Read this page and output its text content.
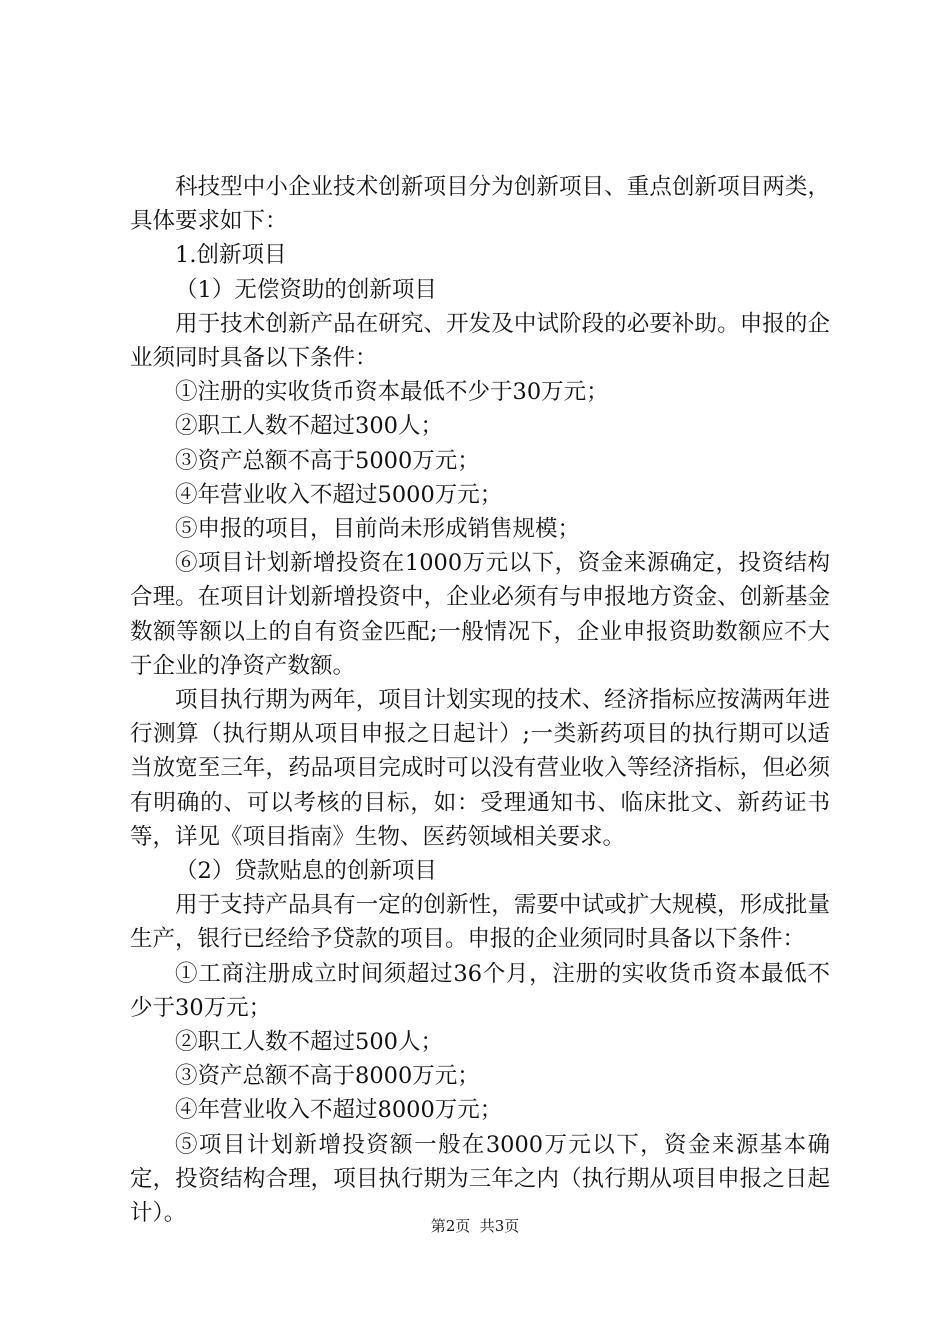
科技型中小企业技术创新项目分为创新项目、重点创新项目两类，具体要求如下：

1.创新项目

（1）无偿资助的创新项目

用于技术创新产品在研究、开发及中试阶段的必要补助。申报的企业须同时具备以下条件：

①注册的实收货币资本最低不少于30万元；

②职工人数不超过300人；

③资产总额不高于5000万元；

④年营业收入不超过5000万元；

⑤申报的项目，目前尚未形成销售规模；

⑥项目计划新增投资在1000万元以下，资金来源确定，投资结构合理。在项目计划新增投资中，企业必须有与申报地方资金、创新基金数额等额以上的自有资金匹配;一般情况下，企业申报资助数额应不大于企业的净资产数额。

项目执行期为两年，项目计划实现的技术、经济指标应按满两年进行测算（执行期从项目申报之日起计）;一类新药项目的执行期可以适当放宽至三年，药品项目完成时可以没有营业收入等经济指标，但必须有明确的、可以考核的目标，如：受理通知书、临床批文、新药证书等，详见《项目指南》生物、医药领域相关要求。

（2）贷款贴息的创新项目

用于支持产品具有一定的创新性，需要中试或扩大规模，形成批量生产，银行已经给予贷款的项目。申报的企业须同时具备以下条件：

①工商注册成立时间须超过36个月，注册的实收货币资本最低不少于30万元；

②职工人数不超过500人；

③资产总额不高于8000万元；

④年营业收入不超过8000万元；

⑤项目计划新增投资额一般在3000万元以下，资金来源基本确定，投资结构合理，项目执行期为三年之内（执行期从项目申报之日起计）。	第2页  共3页
